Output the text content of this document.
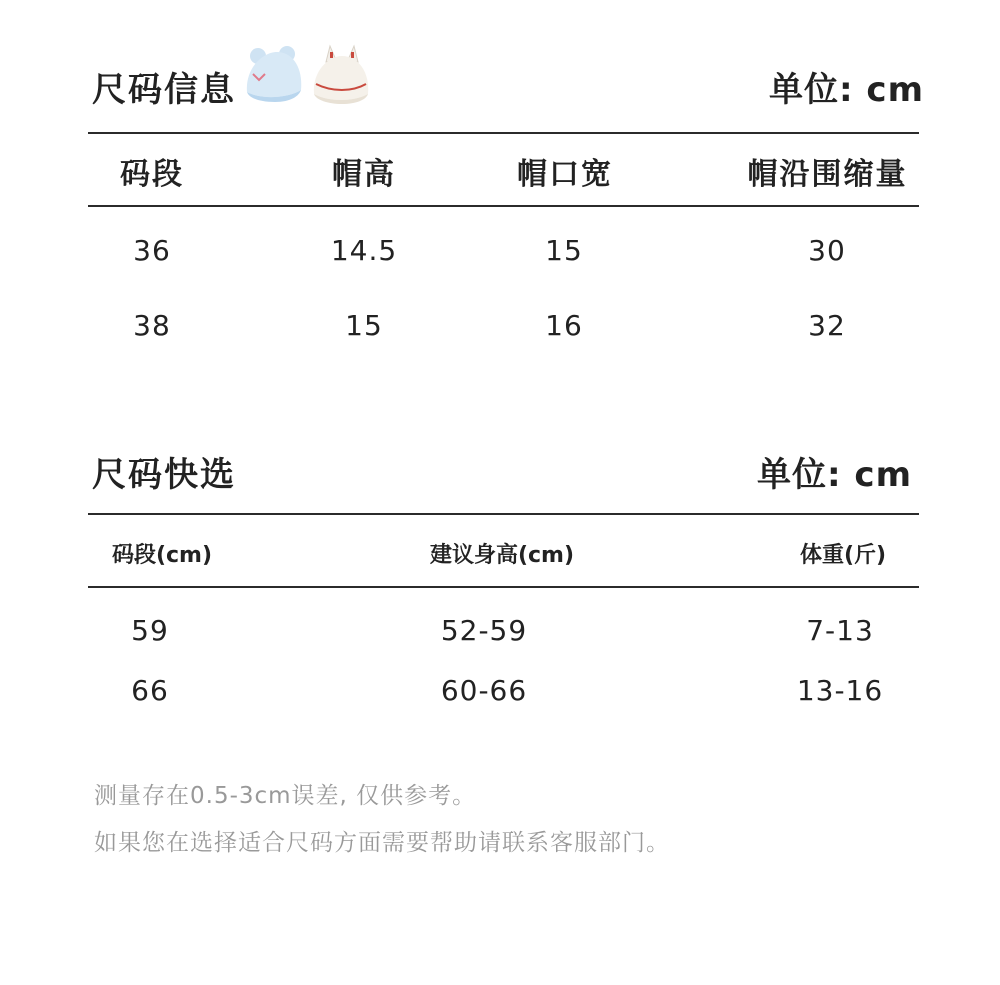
尺码信息	单位: cm
码段	帽高	帽口宽	帽沿围缩量
36	14.5	15	30
38	15	16	32
尺码快选	单位: cm
码段(cm)	建议身高(cm)	体重(斤)
59	52-59	7-13
66	60-66	13-16
测量存在0.5-3cm误差, 仅供参考。
如果您在选择适合尺码方面需要帮助请联系客服部门。
